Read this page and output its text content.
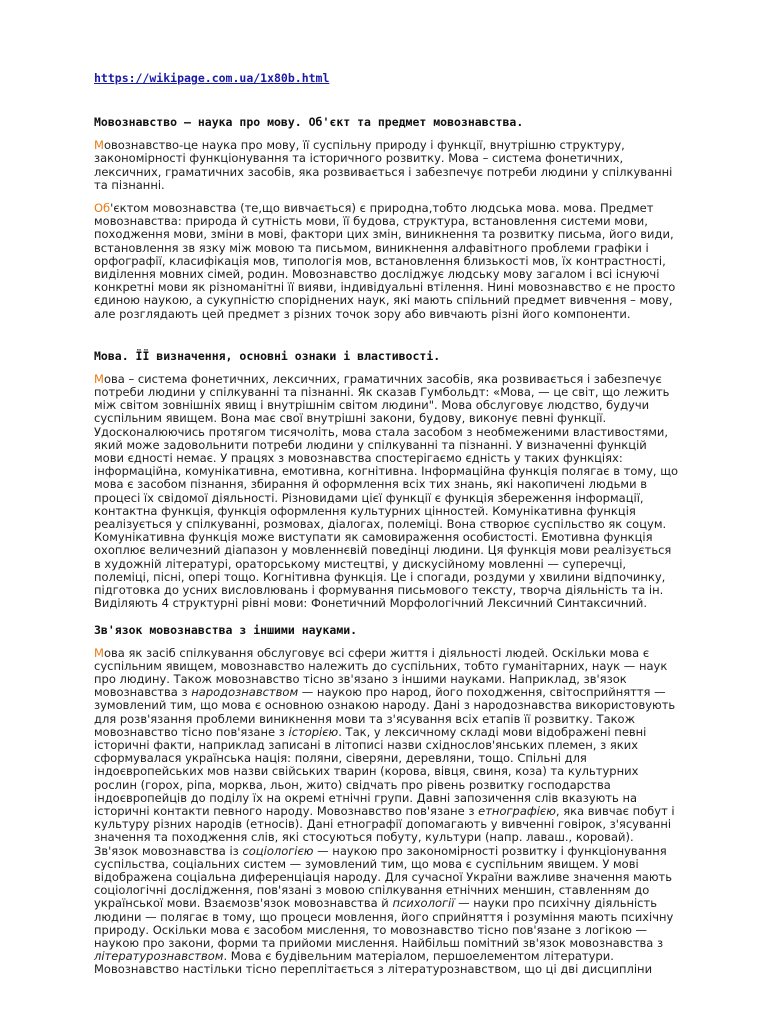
https://wikipage.com.ua/1x80b.html
Мовознавство – наука про мову. Об'єкт та предмет мовознавства.

Мовознавство-це наука про мову, її суспільну природу і функції, внутрішню структуру, закономірності функціонування та історичного розвитку. Мова – система фонетичних, лексичних, граматичних засобів, яка розвивається і забезпечує потреби людини у спілкуванні та пізнанні.

Об'єктом мовознавства (те,що вивчається) є природна,тобто людська мова. мова. Предмет мовознавства: природа й сутність мови, її будова, структура, встановлення системи мови, походження мови, зміни в мові, фактори цих змін, виникнення та розвитку письма, його види, встановлення зв язку між мовою та письмом, виникнення алфавітного проблеми графіки і орфографії, класифікація мов, типологія мов, встановлення близькості мов, їх контрастності, виділення мовних сімей, родин. Мовознавство досліджує людську мову загалом і всі існуючі конкретні мови як різноманітні її вияви, індивідуальні втілення. Нині мовознавство є не просто єдиною наукою, а сукупністю споріднених наук, які мають спільний предмет вивчення – мову, але розглядають цей предмет з різних точок зору або вивчають різні його компоненти.

Мова. ЇЇ визначення, основні ознаки і властивості.

Мова – система фонетичних, лексичних, граматичних засобів, яка розвивається і забезпечує потреби людини у спілкуванні та пізнанні. Як сказав Гумбольдт: «Мова, — це світ, що лежить між світом зовнішніх явищ і внутрішнім світом людини". Мова обслуговує людство, будучи суспільним явищем. Вона має свої внутрішні закони, будову, виконує певні функції. Удосконалюючись протягом тисячоліть, мова стала засобом з необмеженими властивостями, який може задовольнити потреби людини у спілкуванні та пізнанні. У визначенні функцій мови єдності немає. У працях з мовознавства спостерігаємо єдність у таких функціях: інформаційна, комунікативна, емотивна, когнітивна. Інформаційна функція полягає в тому, що мова є засобом пізнання, збирання й оформлення всіх тих знань, які накопичені людьми в процесі їх свідомої діяльності. Різновидами цієї функції є функція збереження інформації, контактна функція, функція оформлення культурних цінностей. Комунікативна функція реалізується у спілкуванні, розмовах, діалогах, полеміці. Вона створює суспільство як соцум. Комунікативна функція може виступати як самовираження особистості. Емотивна функція охоплює величезний діапазон у мовленнєвій поведінці людини. Ця функція мови реалізується в художній літературі, ораторському мистецтві, у дискусійному мовленні — суперечці, полеміці, пісні, опері тощо. Когнітивна функція. Це і спогади, роздуми у хвилини відпочинку, підготовка до усних висловлювань і формування письмового тексту, творча діяльність та ін. Виділяють 4 структурні рівні мови: Фонетичний Морфологічний Лексичний Синтаксичний.

Зв'язок мовознавства з іншими науками.

Мова як засіб спілкування обслуговує всі сфери життя і діяльності людей. Оскільки мова є суспільним явищем, мовознавство належить до суспільних, тобто гуманітарних, наук — наук про людину. Також мовознавство тісно зв'язано з іншими науками. Наприклад, зв'язок мовознавства з народознавством — наукою про народ, його походження, світосприйняття — зумовлений тим, що мова є основною ознакою народу. Дані з народознавства використовують для розв'язання проблеми виникнення мови та з'ясування всіх етапів її розвитку. Також мовознавство тісно пов'язане з історією. Так, у лексичному складі мови відображені певні історичні факти, наприклад записані в літописі назви східнослов'янських племен, з яких сформувалася українська нація: поляни, сіверяни, деревляни, тощо. Спільні для індоєвропейських мов назви свійських тварин (корова, вівця, свиня, коза) та культурних рослин (горох, ріпа, морква, льон, жито) свідчать про рівень розвитку господарства індоєвропейців до поділу їх на окремі етнічні групи. Давні запозичення слів вказують на історичні контакти певного народу. Мовознавство пов'язане з етнографією, яка вивчає побут і культуру різних народів (етносів). Дані етнографії допомагають у вивченні говірок, з'ясуванні значення та походження слів, які стосуються побуту, культури (напр. лаваш., коровай). Зв'язок мовознавства із соціологією — наукою про закономірності розвитку і функціонування суспільства, соціальних систем — зумовлений тим, що мова є суспільним явищем. У мові відображена соціальна диференціація народу. Для сучасної України важливе значення мають соціологічні дослідження, пов'язані з мовою спілкування етнічних меншин, ставленням до української мови. Взаємозв'язок мовознавства й психології — науки про психічну діяльність людини — полягає в тому, що процеси мовлення, його сприйняття і розуміння мають психічну природу. Оскільки мова є засобом мислення, то мовознавство тісно пов'язане з логікою — наукою про закони, форми та прийоми мислення. Найбільш помітний зв'язок мовознавства з літературознавством. Мова є будівельним матеріалом, першоелементом літератури. Мовознавство настільки тісно переплітається з літературознавством, що ці дві дисципліни
